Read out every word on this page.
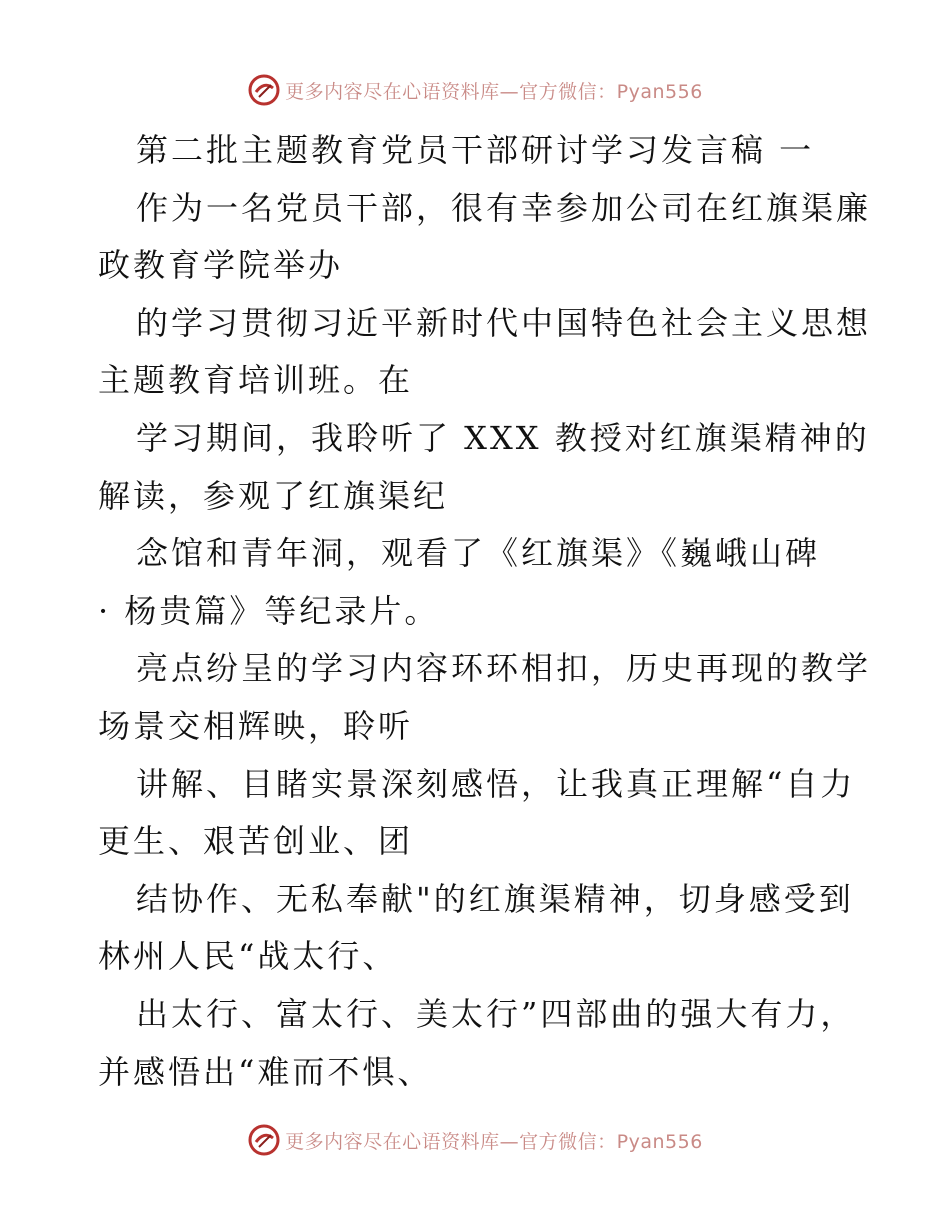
更多内容尽在心语资料库—官方微信：Pyan556
第二批主题教育党员干部研讨学习发言稿 一
作为一名党员干部，很有幸参加公司在红旗渠廉
政教育学院举办
的学习贯彻习近平新时代中国特色社会主义思想
主题教育培训班。在
学习期间，我聆听了 XXX 教授对红旗渠精神的
解读，参观了红旗渠纪
念馆和青年洞，观看了《红旗渠》《巍峨山碑
· 杨贵篇》等纪录片。
亮点纷呈的学习内容环环相扣，历史再现的教学
场景交相辉映，聆听
讲解、目睹实景深刻感悟，让我真正理解“自力
更生、艰苦创业、团
结协作、无私奉献"的红旗渠精神，切身感受到
林州人民“战太行、
出太行、富太行、美太行”四部曲的强大有力，
并感悟出“难而不惧、
更多内容尽在心语资料库—官方微信：Pyan556
